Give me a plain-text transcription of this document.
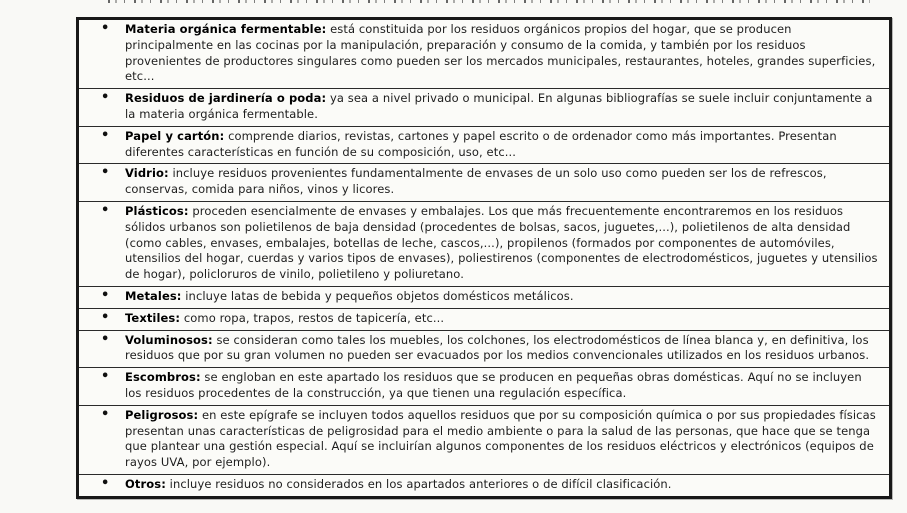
• Materia orgánica fermentable: está constituida por los residuos orgánicos propios del hogar, que se producen principalmente en las cocinas por la manipulación, preparación y consumo de la comida, y también por los residuos provenientes de productores singulares como pueden ser los mercados municipales, restaurantes, hoteles, grandes superficies, etc...
• Residuos de jardinería o poda: ya sea a nivel privado o municipal. En algunas bibliografías se suele incluir conjuntamente a la materia orgánica fermentable.
• Papel y cartón: comprende diarios, revistas, cartones y papel escrito o de ordenador como más importantes. Presentan diferentes características en función de su composición, uso, etc...
• Vidrio: incluye residuos provenientes fundamentalmente de envases de un solo uso como pueden ser los de refrescos, conservas, comida para niños, vinos y licores.
• Plásticos: proceden esencialmente de envases y embalajes. Los que más frecuentemente encontraremos en los residuos sólidos urbanos son polietilenos de baja densidad (procedentes de bolsas, sacos, juguetes,...), polietilenos de alta densidad (como cables, envases, embalajes, botellas de leche, cascos,...), propilenos (formados por componentes de automóviles, utensilios del hogar, cuerdas y varios tipos de envases), poliestirenos (componentes de electrodomésticos, juguetes y utensilios de hogar), policloruros de vinilo, polietileno y poliuretano.
• Metales: incluye latas de bebida y pequeños objetos domésticos metálicos.
• Textiles: como ropa, trapos, restos de tapicería, etc...
• Voluminosos: se consideran como tales los muebles, los colchones, los electrodomésticos de línea blanca y, en definitiva, los residuos que por su gran volumen no pueden ser evacuados por los medios convencionales utilizados en los residuos urbanos.
• Escombros: se engloban en este apartado los residuos que se producen en pequeñas obras domésticas. Aquí no se incluyen los residuos procedentes de la construcción, ya que tienen una regulación específica.
• Peligrosos: en este epígrafe se incluyen todos aquellos residuos que por su composición química o por sus propiedades físicas presentan unas características de peligrosidad para el medio ambiente o para la salud de las personas, que hace que se tenga que plantear una gestión especial. Aquí se incluirían algunos componentes de los residuos eléctricos y electrónicos (equipos de rayos UVA, por ejemplo).
• Otros: incluye residuos no considerados en los apartados anteriores o de difícil clasificación.
